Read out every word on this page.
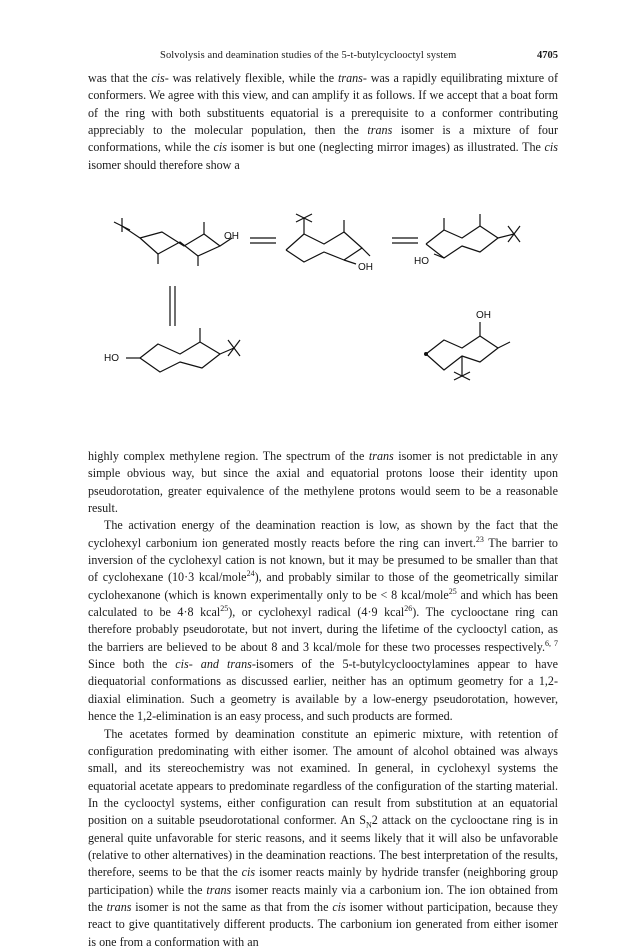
Solvolysis and deamination studies of the 5-t-butylcyclooctyl system	4705

was that the cis- was relatively flexible, while the trans- was a rapidly equilibrating mixture of conformers. We agree with this view, and can amplify it as follows. If we accept that a boat form of the ring with both substituents equatorial is a prerequisite to a conformer contributing appreciably to the molecular population, then the trans isomer is a mixture of four conformations, while the cis isomer is but one (neglecting mirror images) as illustrated. The cis isomer should therefore show a

OH
OH
HO
HO
OH

highly complex methylene region. The spectrum of the trans isomer is not predictable in any simple obvious way, but since the axial and equatorial protons loose their identity upon pseudorotation, greater equivalence of the methylene protons would seem to be a reasonable result.

The activation energy of the deamination reaction is low, as shown by the fact that the cyclohexyl carbonium ion generated mostly reacts before the ring can invert.$^{23}$ The barrier to inversion of the cyclohexyl cation is not known, but it may be presumed to be smaller than that of cyclohexane (10·3 kcal/mole$^{24}$), and probably similar to those of the geometrically similar cyclohexanone (which is known experimentally only to be < 8 kcal/mole$^{25}$ and which has been calculated to be 4·8 kcal$^{25}$), or cyclohexyl radical (4·9 kcal$^{26}$). The cyclooctane ring can therefore probably pseudorotate, but not invert, during the lifetime of the cyclooctyl cation, as the barriers are believed to be about 8 and 3 kcal/mole for these two processes respectively.$^{6, 7}$ Since both the cis- and trans-isomers of the 5-t-butylcyclooctylamines appear to have diequatorial conformations as discussed earlier, neither has an optimum geometry for a 1,2-diaxial elimination. Such a geometry is available by a low-energy pseudorotation, however, hence the 1,2-elimination is an easy process, and such products are formed.

The acetates formed by deamination constitute an epimeric mixture, with retention of configuration predominating with either isomer. The amount of alcohol obtained was always small, and its stereochemistry was not examined. In general, in cyclohexyl systems the equatorial acetate appears to predominate regardless of the configuration of the starting material. In the cyclooctyl systems, either configuration can result from substitution at an equatorial position on a suitable pseudorotational conformer. An $S_N2$ attack on the cyclooctane ring is in general quite unfavorable for steric reasons, and it seems likely that it will also be unfavorable (relative to other alternatives) in the deamination reactions. The best interpretation of the results, therefore, seems to be that the cis isomer reacts mainly by hydride transfer (neighboring group participation) while the trans isomer reacts mainly via a carbonium ion. The ion obtained from the trans isomer is not the same as that from the cis isomer without participation, because they react to give quantitatively different products. The carbonium ion generated from either isomer is one from a conformation with an
